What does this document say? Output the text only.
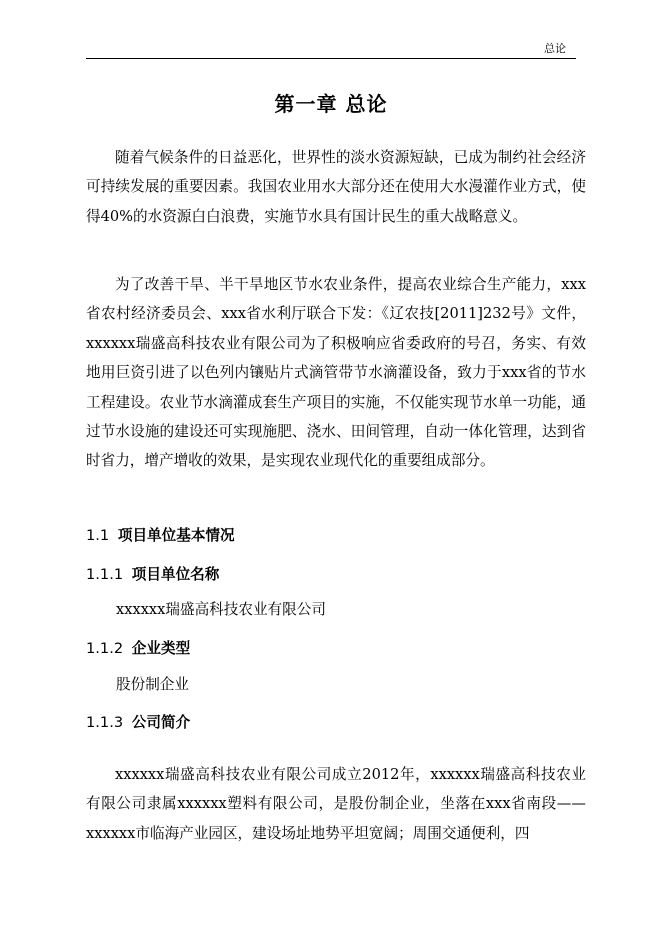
总论
第一章 总论

随着气候条件的日益恶化，世界性的淡水资源短缺，已成为制约社会经济可持续发展的重要因素。我国农业用水大部分还在使用大水漫灌作业方式，使得40%的水资源白白浪费，实施节水具有国计民生的重大战略意义。

为了改善干旱、半干旱地区节水农业条件，提高农业综合生产能力，xxx省农村经济委员会、xxx省水利厅联合下发：《辽农技[2011]232号》文件，xxxxxx瑞盛高科技农业有限公司为了积极响应省委政府的号召，务实、有效地用巨资引进了以色列内镶贴片式滴管带节水滴灌设备，致力于xxx省的节水工程建设。农业节水滴灌成套生产项目的实施，不仅能实现节水单一功能，通过节水设施的建设还可实现施肥、浇水、田间管理，自动一体化管理，达到省时省力，增产增收的效果，是实现农业现代化的重要组成部分。

1.1 项目单位基本情况

1.1.1 项目单位名称

xxxxxx瑞盛高科技农业有限公司

1.1.2 企业类型

股份制企业

1.1.3 公司简介

xxxxxx瑞盛高科技农业有限公司成立2012年，xxxxxx瑞盛高科技农业有限公司隶属xxxxxx塑料有限公司，是股份制企业，坐落在xxx省南段——xxxxxx市临海产业园区，建设场址地势平坦宽阔；周围交通便利，四
